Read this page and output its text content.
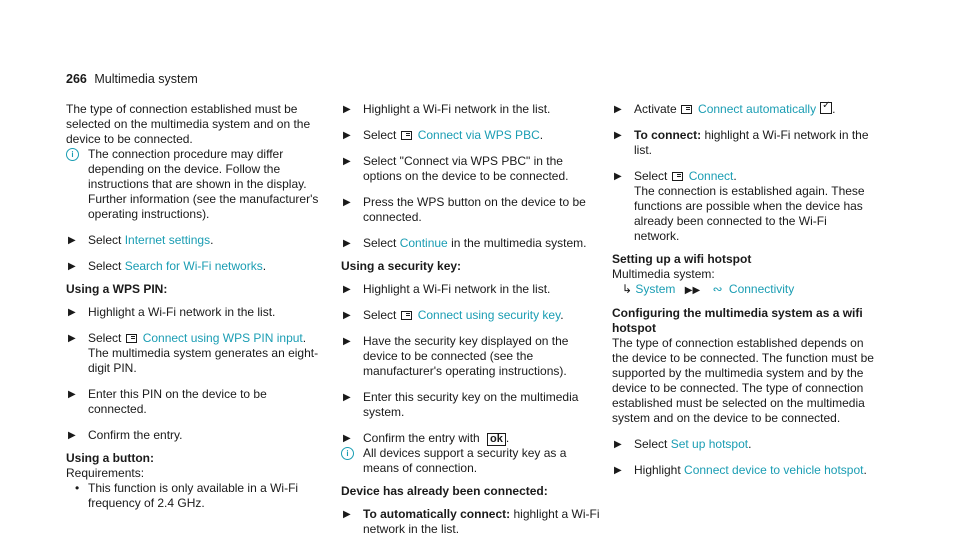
266 Multimedia system
The type of connection established must be selected on the multimedia system and on the device to be connected.
i	The connection procedure may differ depending on the device. Follow the instructions that are shown in the display. Further information (see the manufacturer's operating instructions).
▶ Select Internet settings.
▶ Select Search for Wi-Fi networks.
Using a WPS PIN:
▶ Highlight a Wi-Fi network in the list.
▶ Select Connect using WPS PIN input.
The multimedia system generates an eight-digit PIN.
▶ Enter this PIN on the device to be connected.
▶ Confirm the entry.
Using a button:
Requirements:
• This function is only available in a Wi-Fi frequency of 2.4 GHz.
▶ Highlight a Wi-Fi network in the list.
▶ Select Connect via WPS PBC.
▶ Select "Connect via WPS PBC" in the options on the device to be connected.
▶ Press the WPS button on the device to be connected.
▶ Select Continue in the multimedia system.
Using a security key:
▶ Highlight a Wi-Fi network in the list.
▶ Select Connect using security key.
▶ Have the security key displayed on the device to be connected (see the manufacturer's operating instructions).
▶ Enter this security key on the multimedia system.
▶ Confirm the entry with ok .
i	All devices support a security key as a means of connection.
Device has already been connected:
▶ To automatically connect: highlight a Wi-Fi network in the list.
▶ Activate Connect automatically ✓ .
▶ To connect: highlight a Wi-Fi network in the list.
▶ Select Connect.
The connection is established again. These functions are possible when the device has already been connected to the Wi-Fi network.
Setting up a wifi hotspot
Multimedia system:
↳ System ▶▶ ∾ Connectivity
Configuring the multimedia system as a wifi hotspot
The type of connection established depends on the device to be connected. The function must be supported by the multimedia system and by the device to be connected. The type of connection established must be selected on the multimedia system and on the device to be connected.
▶ Select Set up hotspot.
▶ Highlight Connect device to vehicle hotspot.
